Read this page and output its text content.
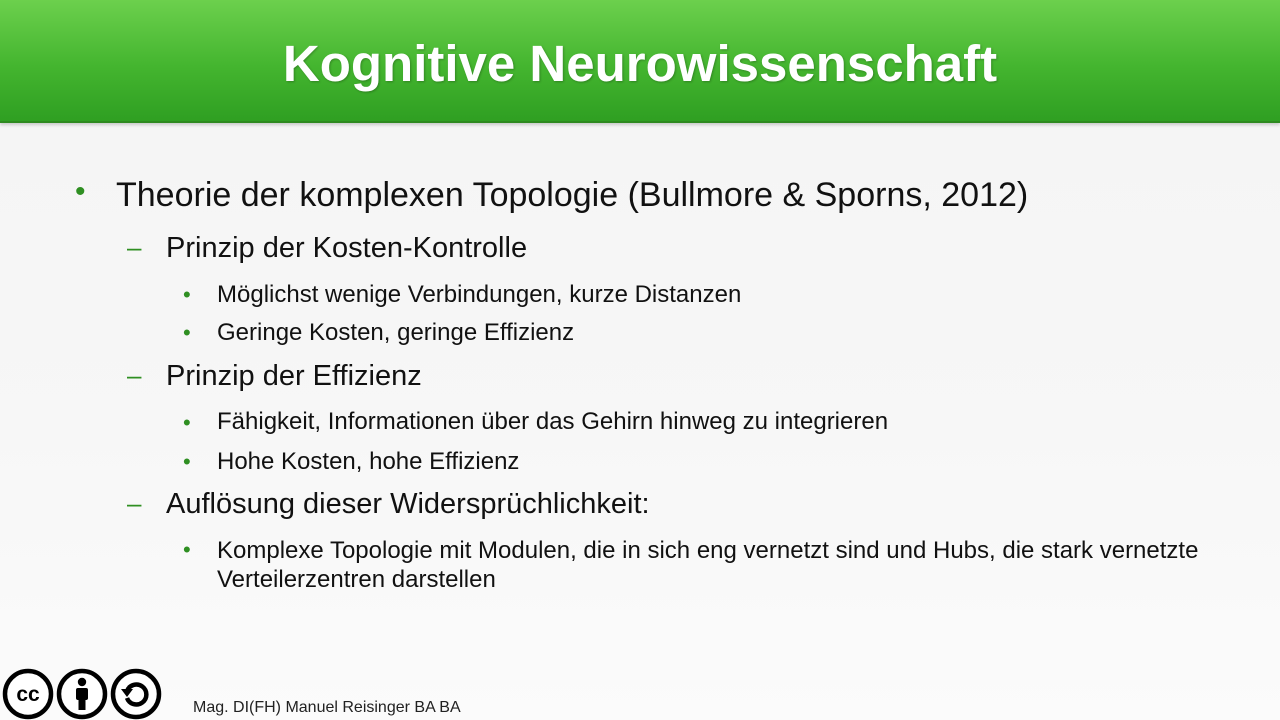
Kognitive Neurowissenschaft
• Theorie der komplexen Topologie (Bullmore & Sporns, 2012)
– Prinzip der Kosten-Kontrolle
• Möglichst wenige Verbindungen, kurze Distanzen
• Geringe Kosten, geringe Effizienz
– Prinzip der Effizienz
• Fähigkeit, Informationen über das Gehirn hinweg zu integrieren
• Hohe Kosten, hohe Effizienz
– Auflösung dieser Widersprüchlichkeit:
• Komplexe Topologie mit Modulen, die in sich eng vernetzt sind und Hubs, die stark vernetzte Verteilerzentren darstellen
cc
Mag. DI(FH) Manuel Reisinger BA BA
